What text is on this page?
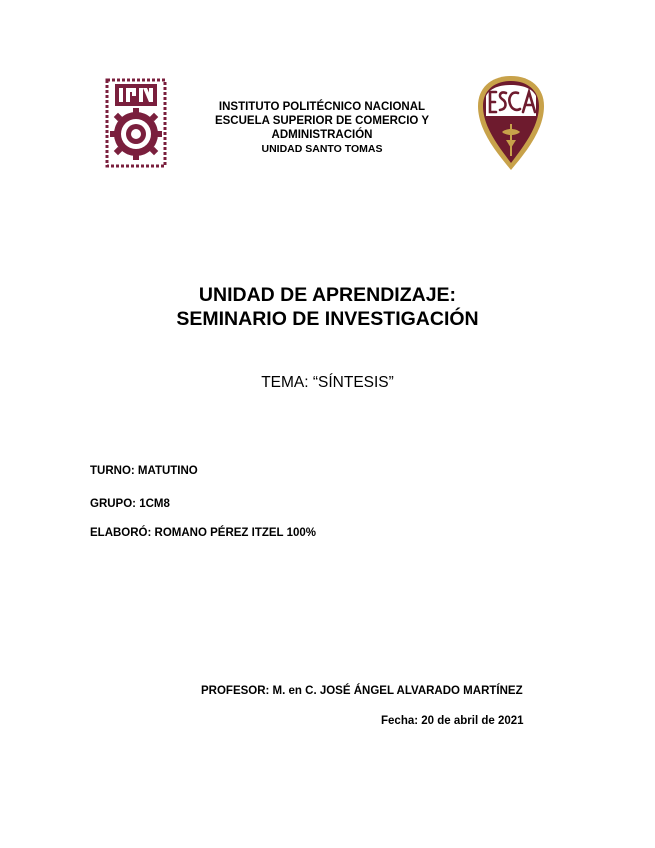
INSTITUTO POLITÉCNICO NACIONAL
ESCUELA SUPERIOR DE COMERCIO Y
ADMINISTRACIÓN
UNIDAD SANTO TOMAS
UNIDAD DE APRENDIZAJE:
SEMINARIO DE INVESTIGACIÓN
TEMA: “SÍNTESIS”
TURNO: MATUTINO
GRUPO: 1CM8
ELABORÓ: ROMANO PÉREZ ITZEL 100%
PROFESOR: M. en C. JOSÉ ÁNGEL ALVARADO MARTÍNEZ
Fecha: 20 de abril de 2021
